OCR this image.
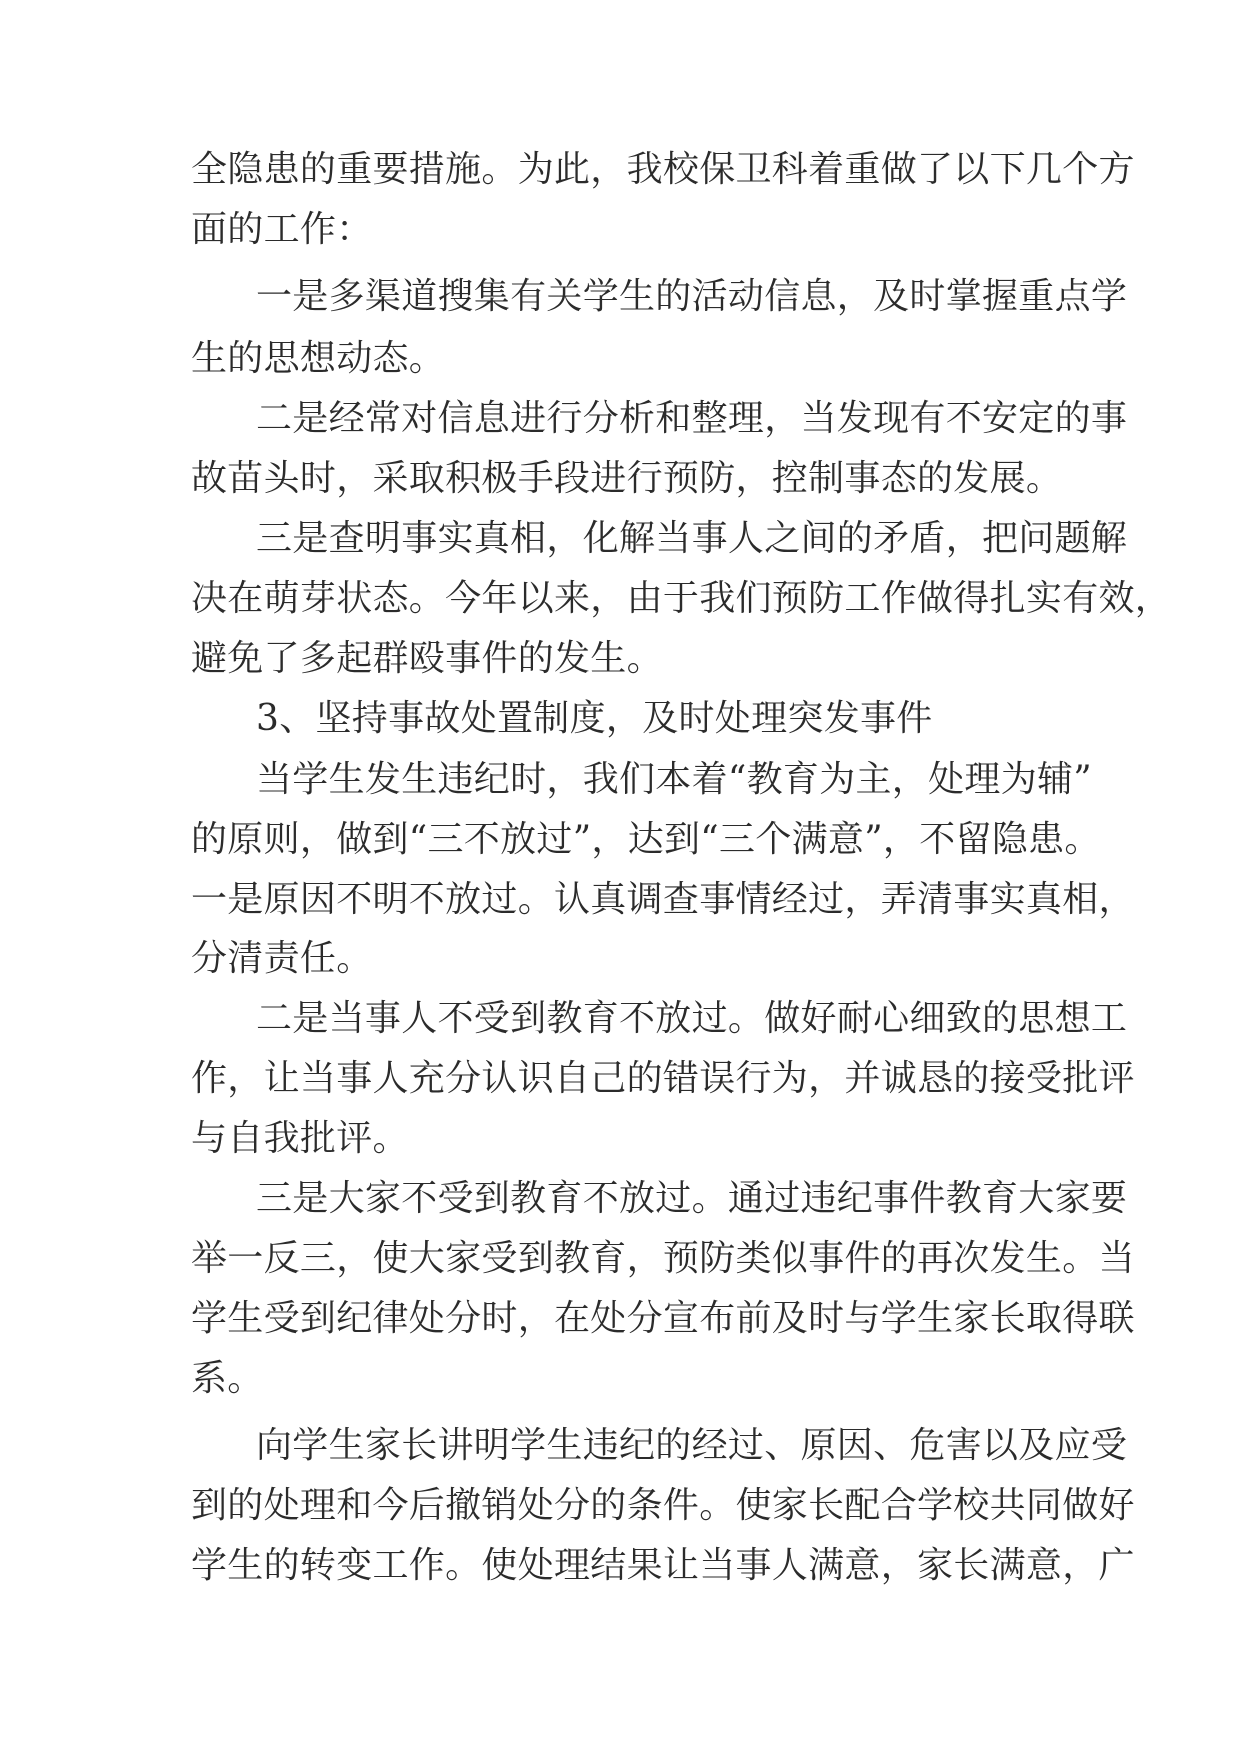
全隐患的重要措施。为此，我校保卫科着重做了以下几个方

面的工作：

一是多渠道搜集有关学生的活动信息，及时掌握重点学

生的思想动态。

二是经常对信息进行分析和整理，当发现有不安定的事

故苗头时，采取积极手段进行预防，控制事态的发展。

三是查明事实真相，化解当事人之间的矛盾，把问题解

决在萌芽状态。今年以来，由于我们预防工作做得扎实有效，

避免了多起群殴事件的发生。

3、坚持事故处置制度，及时处理突发事件

当学生发生违纪时，我们本着“教育为主，处理为辅”

的原则，做到“三不放过”，达到“三个满意”，不留隐患。

一是原因不明不放过。认真调查事情经过，弄清事实真相，

分清责任。

二是当事人不受到教育不放过。做好耐心细致的思想工

作，让当事人充分认识自己的错误行为，并诚恳的接受批评

与自我批评。

三是大家不受到教育不放过。通过违纪事件教育大家要

举一反三，使大家受到教育，预防类似事件的再次发生。当

学生受到纪律处分时，在处分宣布前及时与学生家长取得联

系。

向学生家长讲明学生违纪的经过、原因、危害以及应受

到的处理和今后撤销处分的条件。使家长配合学校共同做好

学生的转变工作。使处理结果让当事人满意，家长满意，广
